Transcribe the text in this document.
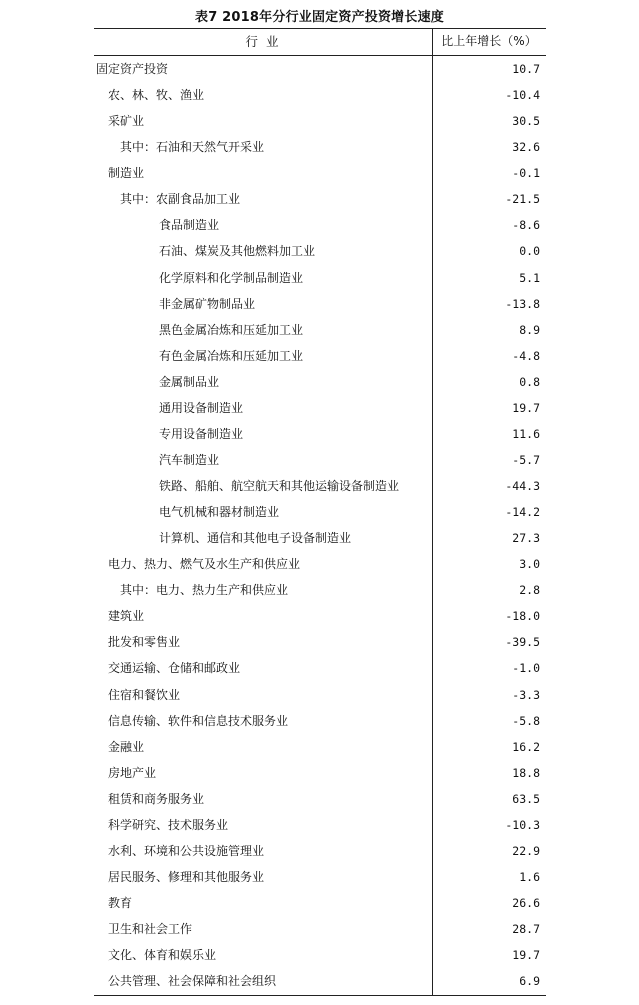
表7 2018年分行业固定资产投资增长速度
行 业	比上年增长（%）
固定资产投资	10.7
农、林、牧、渔业	-10.4
采矿业	30.5
其中：石油和天然气开采业	32.6
制造业	-0.1
其中：农副食品加工业	-21.5
食品制造业	-8.6
石油、煤炭及其他燃料加工业	0.0
化学原料和化学制品制造业	5.1
非金属矿物制品业	-13.8
黑色金属冶炼和压延加工业	8.9
有色金属冶炼和压延加工业	-4.8
金属制品业	0.8
通用设备制造业	19.7
专用设备制造业	11.6
汽车制造业	-5.7
铁路、船舶、航空航天和其他运输设备制造业	-44.3
电气机械和器材制造业	-14.2
计算机、通信和其他电子设备制造业	27.3
电力、热力、燃气及水生产和供应业	3.0
其中：电力、热力生产和供应业	2.8
建筑业	-18.0
批发和零售业	-39.5
交通运输、仓储和邮政业	-1.0
住宿和餐饮业	-3.3
信息传输、软件和信息技术服务业	-5.8
金融业	16.2
房地产业	18.8
租赁和商务服务业	63.5
科学研究、技术服务业	-10.3
水利、环境和公共设施管理业	22.9
居民服务、修理和其他服务业	1.6
教育	26.6
卫生和社会工作	28.7
文化、体育和娱乐业	19.7
公共管理、社会保障和社会组织	6.9
